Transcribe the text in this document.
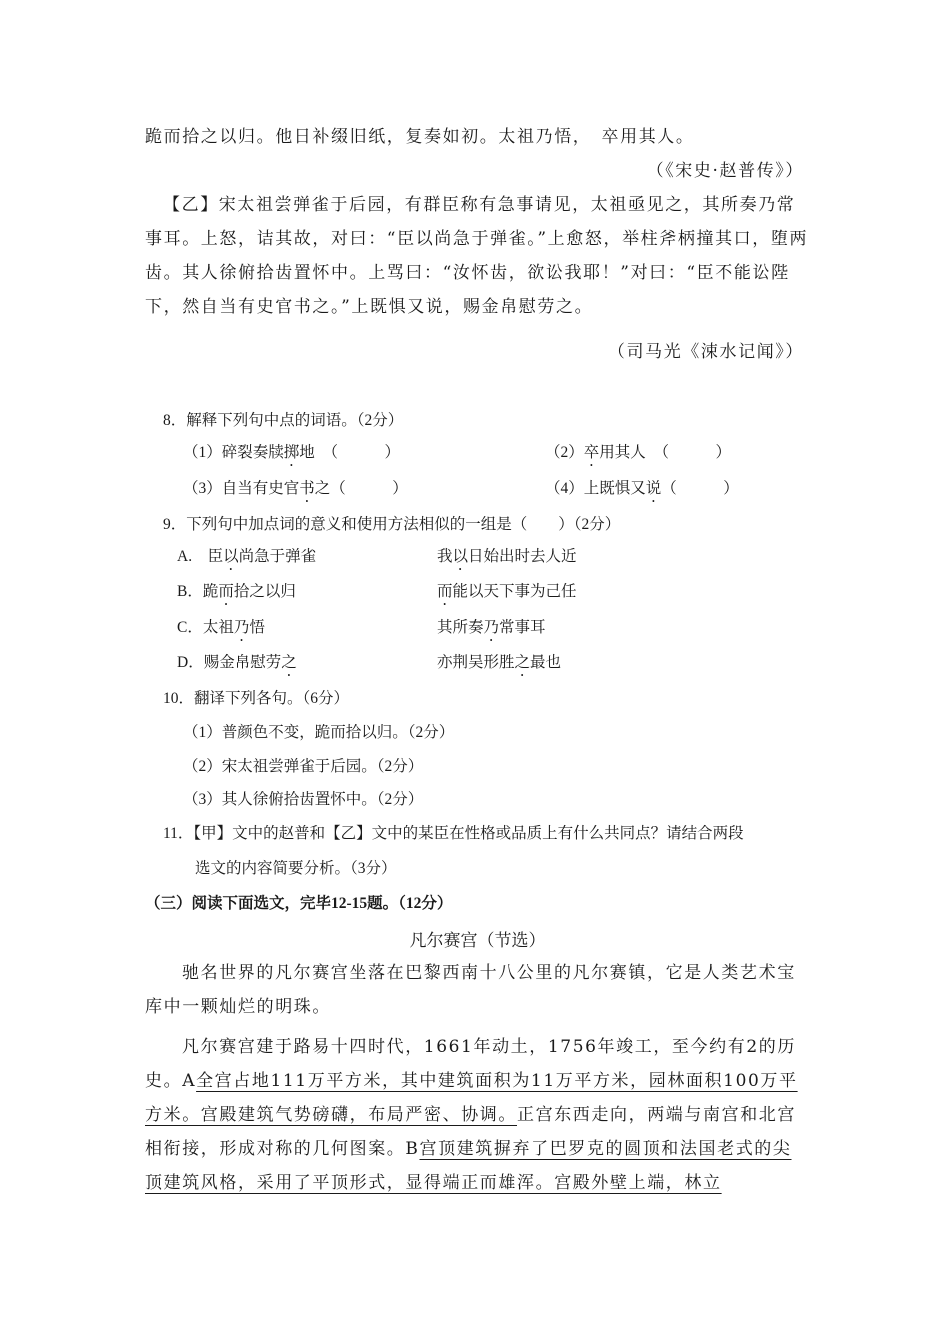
跪而拾之以归。他日补缀旧纸，复奏如初。太祖乃悟，　卒用其人。

（《宋史·赵普传》）

【乙】宋太祖尝弹雀于后园，有群臣称有急事请见，太祖亟见之，其所奏乃常事耳。上怒，诘其故，对曰：“臣以尚急于弹雀。”上愈怒，举柱斧柄撞其口，堕两齿。其人徐俯拾齿置怀中。上骂曰：“汝怀齿，欲讼我耶！”对曰：“臣不能讼陛下，然自当有史官书之。”上既惧又说，赐金帛慰劳之。

（司马光《涑水记闻》）

8．解释下列句中点的词语。（2分）

（1）碎裂奏牍掷地　（　　　）	（2）卒用其人　（　　　）

（3）自当有史官书之（　　　）	（4）上既惧又说（　　　）

9．下列句中加点词的意义和使用方法相似的一组是（　　）（2分）

A.　臣以尚急于弹雀	我以日始出时去人近

B．跪而拾之以归	而能以天下事为己任

C．太祖乃悟	其所奏乃常事耳

D．赐金帛慰劳之	亦荆吴形胜之最也

10．翻译下列各句。（6分）

（1）普颜色不变，跪而拾以归。（2分）

（2）宋太祖尝弹雀于后园。（2分）

（3）其人徐俯拾齿置怀中。（2分）

11．【甲】文中的赵普和【乙】文中的某臣在性格或品质上有什么共同点？请结合两段

选文的内容简要分析。（3分）

（三）阅读下面选文，完毕12-15题。（12分）

凡尔赛宫（节选）

驰名世界的凡尔赛宫坐落在巴黎西南十八公里的凡尔赛镇，它是人类艺术宝库中一颗灿烂的明珠。

凡尔赛宫建于路易十四时代，1661年动土，1756年竣工，至今约有2的历史。A全宫占地111万平方米，其中建筑面积为11万平方米，园林面积100万平方米。宫殿建筑气势磅礴，布局严密、协调。正宫东西走向，两端与南宫和北宫相衔接，形成对称的几何图案。B宫顶建筑摒弃了巴罗克的圆顶和法国老式的尖顶建筑风格，采用了平顶形式，显得端正而雄浑。宫殿外壁上端，林立
